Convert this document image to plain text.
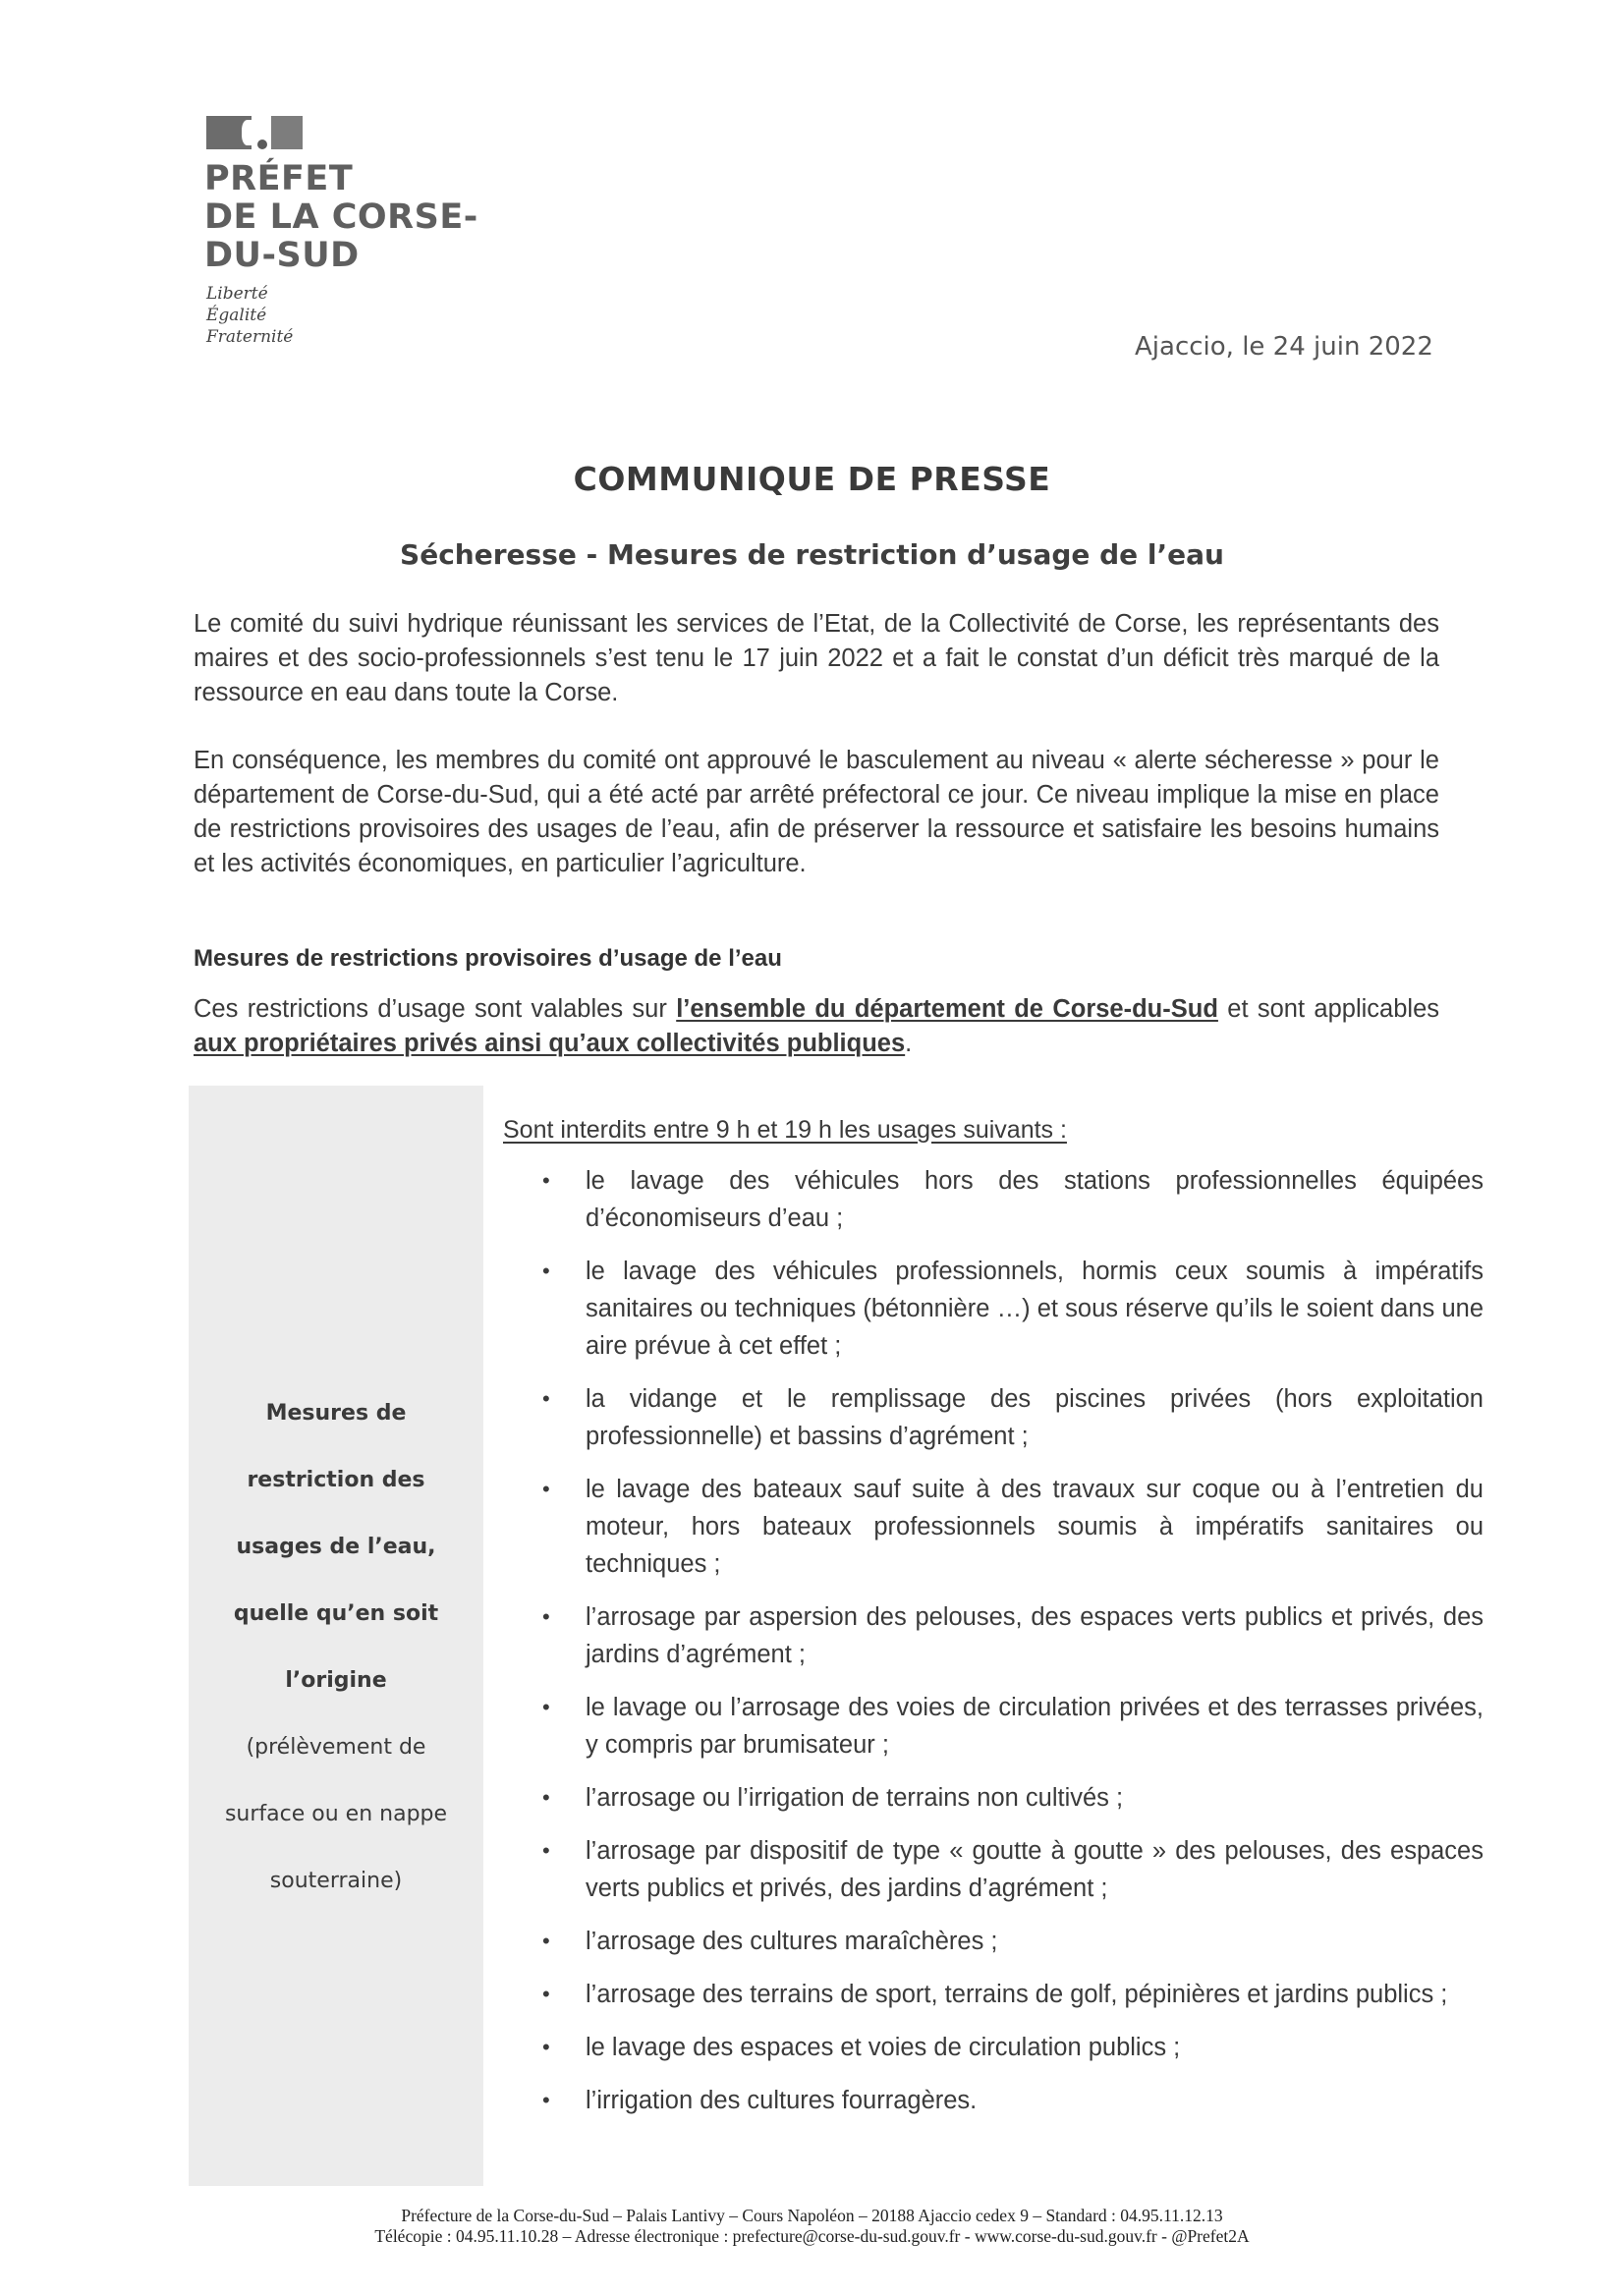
PRÉFET
DE LA CORSE-
DU-SUD
Liberté
Égalité
Fraternité	Ajaccio, le 24 juin 2022
COMMUNIQUE DE PRESSE
Sécheresse - Mesures de restriction d’usage de l’eau
Le comité du suivi hydrique réunissant les services de l’Etat, de la Collectivité de Corse, les représentants des maires et des socio-professionnels s’est tenu le 17 juin 2022 et a fait le constat d’un déficit très marqué de la ressource en eau dans toute la Corse.
En conséquence, les membres du comité ont approuvé le basculement au niveau « alerte sécheresse » pour le département de Corse-du-Sud, qui a été acté par arrêté préfectoral ce jour. Ce niveau implique la mise en place de restrictions provisoires des usages de l’eau, afin de préserver la ressource et satisfaire les besoins humains et les activités économiques, en particulier l’agriculture.
Mesures de restrictions provisoires d’usage de l’eau
Ces restrictions d’usage sont valables sur l’ensemble du département de Corse-du-Sud et sont applicables aux propriétaires privés ainsi qu’aux collectivités publiques.
Mesures de
restriction des
usages de l’eau,
quelle qu’en soit
l’origine
(prélèvement de
surface ou en nappe
souterraine)
Sont interdits entre 9 h et 19 h les usages suivants :
• le lavage des véhicules hors des stations professionnelles équipées d’économiseurs d’eau ;
• le lavage des véhicules professionnels, hormis ceux soumis à impératifs sanitaires ou techniques (bétonnière …) et sous réserve qu’ils le soient dans une aire prévue à cet effet ;
• la vidange et le remplissage des piscines privées (hors exploitation professionnelle) et bassins d’agrément ;
• le lavage des bateaux sauf suite à des travaux sur coque ou à l’entretien du moteur, hors bateaux professionnels soumis à impératifs sanitaires ou techniques ;
• l’arrosage par aspersion des pelouses, des espaces verts publics et privés, des jardins d’agrément ;
• le lavage ou l’arrosage des voies de circulation privées et des terrasses privées, y compris par brumisateur ;
• l’arrosage ou l’irrigation de terrains non cultivés ;
• l’arrosage par dispositif de type « goutte à goutte » des pelouses, des espaces verts publics et privés, des jardins d’agrément ;
• l’arrosage des cultures maraîchères ;
• l’arrosage des terrains de sport, terrains de golf, pépinières et jardins publics ;
• le lavage des espaces et voies de circulation publics ;
• l’irrigation des cultures fourragères.
Préfecture de la Corse-du-Sud – Palais Lantivy – Cours Napoléon – 20188 Ajaccio cedex 9 – Standard : 04.95.11.12.13
Télécopie : 04.95.11.10.28 – Adresse électronique : prefecture@corse-du-sud.gouv.fr - www.corse-du-sud.gouv.fr - @Prefet2A
